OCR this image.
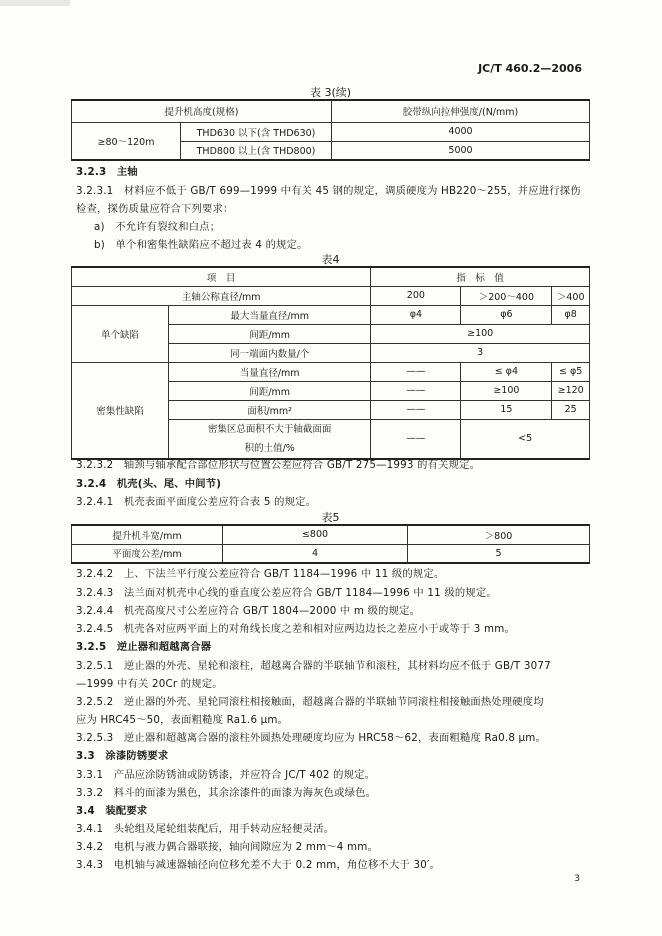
JC/T 460.2—2006
表 3(续)
提升机高度(规格)		胶带纵向拉伸强度/(N/mm)
≥80～120m	THD630 以下(含 THD630)	4000
	THD800 以上(含 THD800)	5000
3.2.3　主轴
3.2.3.1　材料应不低于 GB/T 699—1999 中有关 45 钢的规定，调质硬度为 HB220～255，并应进行探伤
检查，探伤质量应符合下列要求：
a)　不允许有裂纹和白点；
b)　单个和密集性缺陷应不超过表 4 的规定。
表4
项　目		指　标　值		
主轴公称直径/mm		200	＞200～400	＞400
单个缺陷	最大当量直径/mm	φ4	φ6	φ8
	间距/mm	≥100		
	同一端面内数量/个	3		
密集性缺陷	当量直径/mm	——	≤ φ4	≤ φ5
	间距/mm	——	≥100	≥120
	面积/mm²	——	15	25

	密集区总面积不大于轴截面面
积的土值/%	——	<5	
3.2.3.2　轴颈与轴承配合部位形状与位置公差应符合 GB/T 275—1993 的有关规定。
3.2.4　机壳(头、尾、中间节)
3.2.4.1　机壳表面平面度公差应符合表 5 的规定。
表5
提升机斗宽/mm	≤800	＞800
平面度公差/mm	4	5
3.2.4.2　上、下法兰平行度公差应符合 GB/T 1184—1996 中 11 级的规定。
3.2.4.3　法兰面对机壳中心线的垂直度公差应符合 GB/T 1184—1996 中 11 级的规定。
3.2.4.4　机壳高度尺寸公差应符合 GB/T 1804—2000 中 m 级的规定。
3.2.4.5　机壳各对应两平面上的对角线长度之差和相对应两边边长之差应小于或等于 3 mm。
3.2.5　逆止器和超越离合器
3.2.5.1　逆止器的外壳、星轮和滚柱，超越离合器的半联轴节和滚柱，其材料均应不低于 GB/T 3077
—1999 中有关 20Cr 的规定。
3.2.5.2　逆止器的外壳、星轮同滚柱相接触面，超越离合器的半联轴节同滚柱相接触面热处理硬度均
应为 HRC45～50，表面粗糙度 Ra1.6 μm。
3.2.5.3　逆止器和超越离合器的滚柱外圆热处理硬度均应为 HRC58～62，表面粗糙度 Ra0.8 μm。
3.3　涂漆防锈要求
3.3.1　产品应涂防锈油或防锈漆，并应符合 JC/T 402 的规定。
3.3.2　料斗的面漆为黑色，其余涂漆件的面漆为海灰色或绿色。
3.4　装配要求
3.4.1　头轮组及尾轮组装配后，用手转动应轻便灵活。
3.4.2　电机与液力偶合器联接，轴向间隙应为 2 mm～4 mm。
3.4.3　电机轴与减速器轴径向位移允差不大于 0.2 mm，角位移不大于 30′。
3
